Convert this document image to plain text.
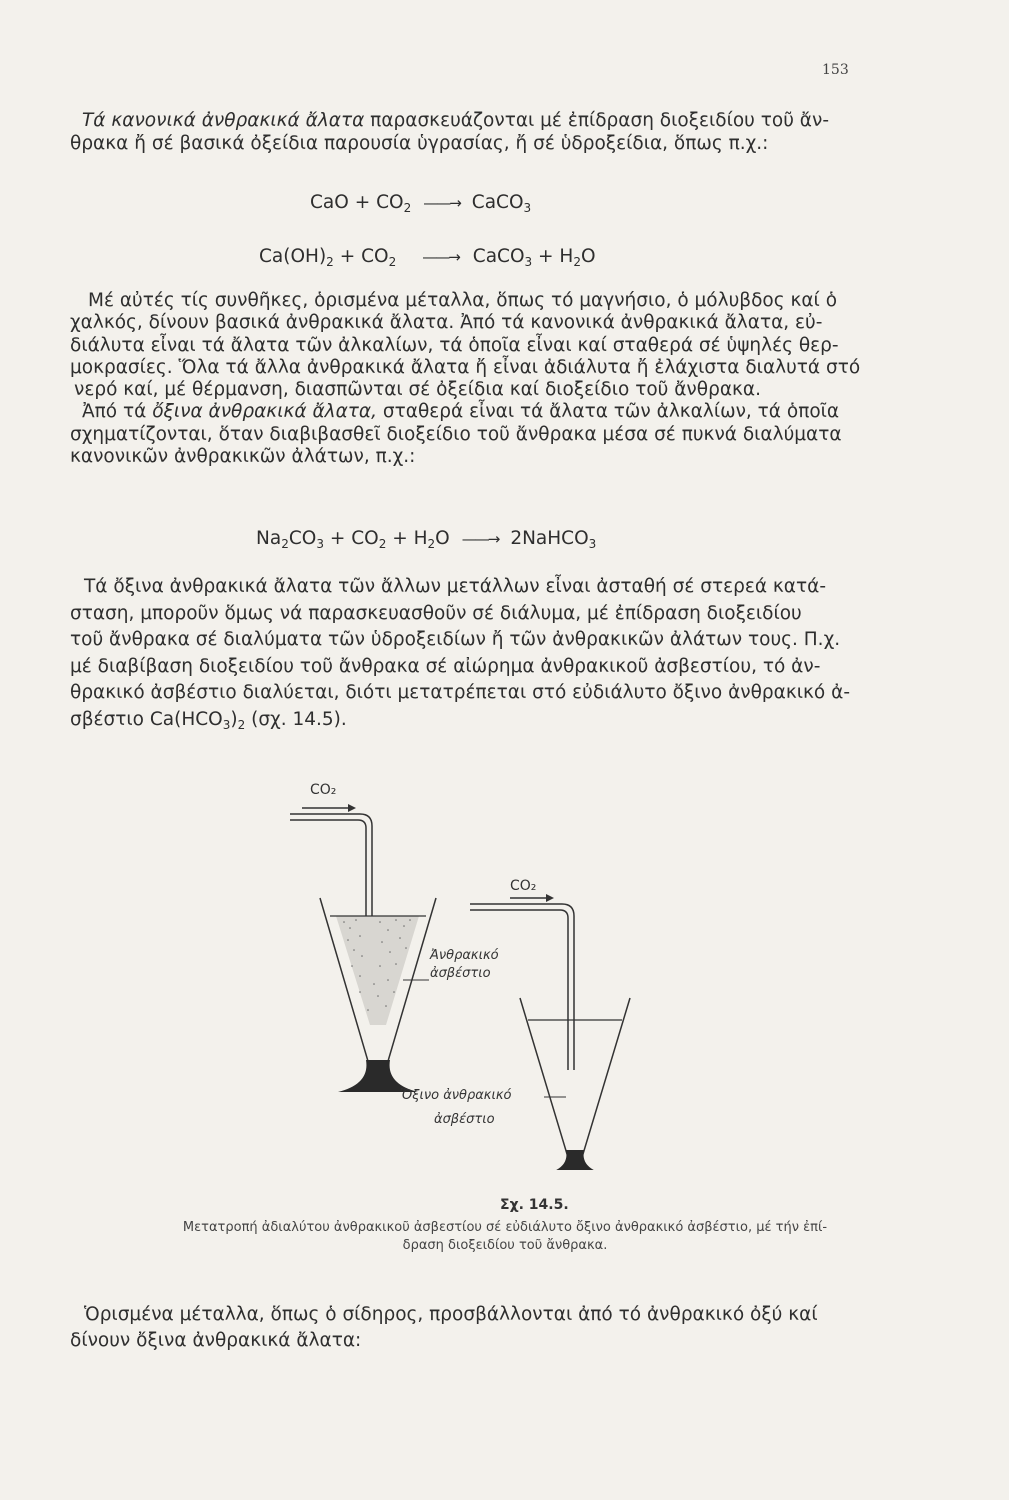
153
Τά κανονικά ἀνθρακικά ἄλατα παρασκευάζονται μέ ἐπίδραση διοξειδίου τοῦ ἄν-
θρακα ἤ σέ βασικά ὀξείδια παρουσία ὑγρασίας, ἤ σέ ὑδροξείδια, ὅπως π.χ.:
CaO + $CO_2$ ——→ CaCO$_3$
$Ca(OH)_2 + CO_2$ ——→ CaCO$_3$ + $H_2O$
Μέ αὐτές τίς συνθῆκες, ὁρισμένα μέταλλα, ὅπως τό μαγνήσιο, ὁ μόλυβδος καί ὁ
χαλκός, δίνουν βασικά ἀνθρακικά ἄλατα. Ἀπό τά κανονικά ἀνθρακικά ἄλατα, εὐ-
διάλυτα εἶναι τά ἄλατα τῶν ἀλκαλίων, τά ὁποῖα εἶναι καί σταθερά σέ ὑψηλές θερ-
μοκρασίες. Ὅλα τά ἄλλα ἀνθρακικά ἄλατα ἤ εἶναι ἀδιάλυτα ἤ ἐλάχιστα διαλυτά στό
νερό καί, μέ θέρμανση, διασπῶνται σέ ὀξείδια καί διοξείδιο τοῦ ἄνθρακα.
Ἀπό τά ὄξινα ἀνθρακικά ἄλατα, σταθερά εἶναι τά ἄλατα τῶν ἀλκαλίων, τά ὁποῖα
σχηματίζονται, ὅταν διαβιβασθεῖ διοξείδιο τοῦ ἄνθρακα μέσα σέ πυκνά διαλύματα
κανονικῶν ἀνθρακικῶν ἀλάτων, π.χ.:
$Na_2CO_3 + CO_2 + H_2O$ ——→ 2NaHCO$_3$
Τά ὄξινα ἀνθρακικά ἄλατα τῶν ἄλλων μετάλλων εἶναι ἀσταθή σέ στερεά κατά-
σταση, μποροῦν ὅμως νά παρασκευασθοῦν σέ διάλυμα, μέ ἐπίδραση διοξειδίου
τοῦ ἄνθρακα σέ διαλύματα τῶν ὑδροξειδίων ἤ τῶν ἀνθρακικῶν ἀλάτων τους. Π.χ.
μέ διαβίβαση διοξειδίου τοῦ ἄνθρακα σέ αἰώρημα ἀνθρακικοῦ ἀσβεστίου, τό ἀν-
θρακικό ἀσβέστιο διαλύεται, διότι μετατρέπεται στό εὐδιάλυτο ὄξινο ἀνθρακικό ἀ-
σβέστιο $Ca(HCO_3)_2$ (σχ. 14.5).
CO₂
CO₂
Ἀνθρακικό
ἀσβέστιο
Ὄξινο ἀνθρακικό
ἀσβέστιο
Σχ. 14.5.
Μετατροπή ἀδιαλύτου ἀνθρακικοῦ ἀσβεστίου σέ εὐδιάλυτο ὄξινο ἀνθρακικό ἀσβέστιο, μέ τήν ἐπί-
δραση διοξειδίου τοῦ ἄνθρακα.
Ὁρισμένα μέταλλα, ὅπως ὁ σίδηρος, προσβάλλονται ἀπό τό ἀνθρακικό ὀξύ καί
δίνουν ὄξινα ἀνθρακικά ἄλατα:
